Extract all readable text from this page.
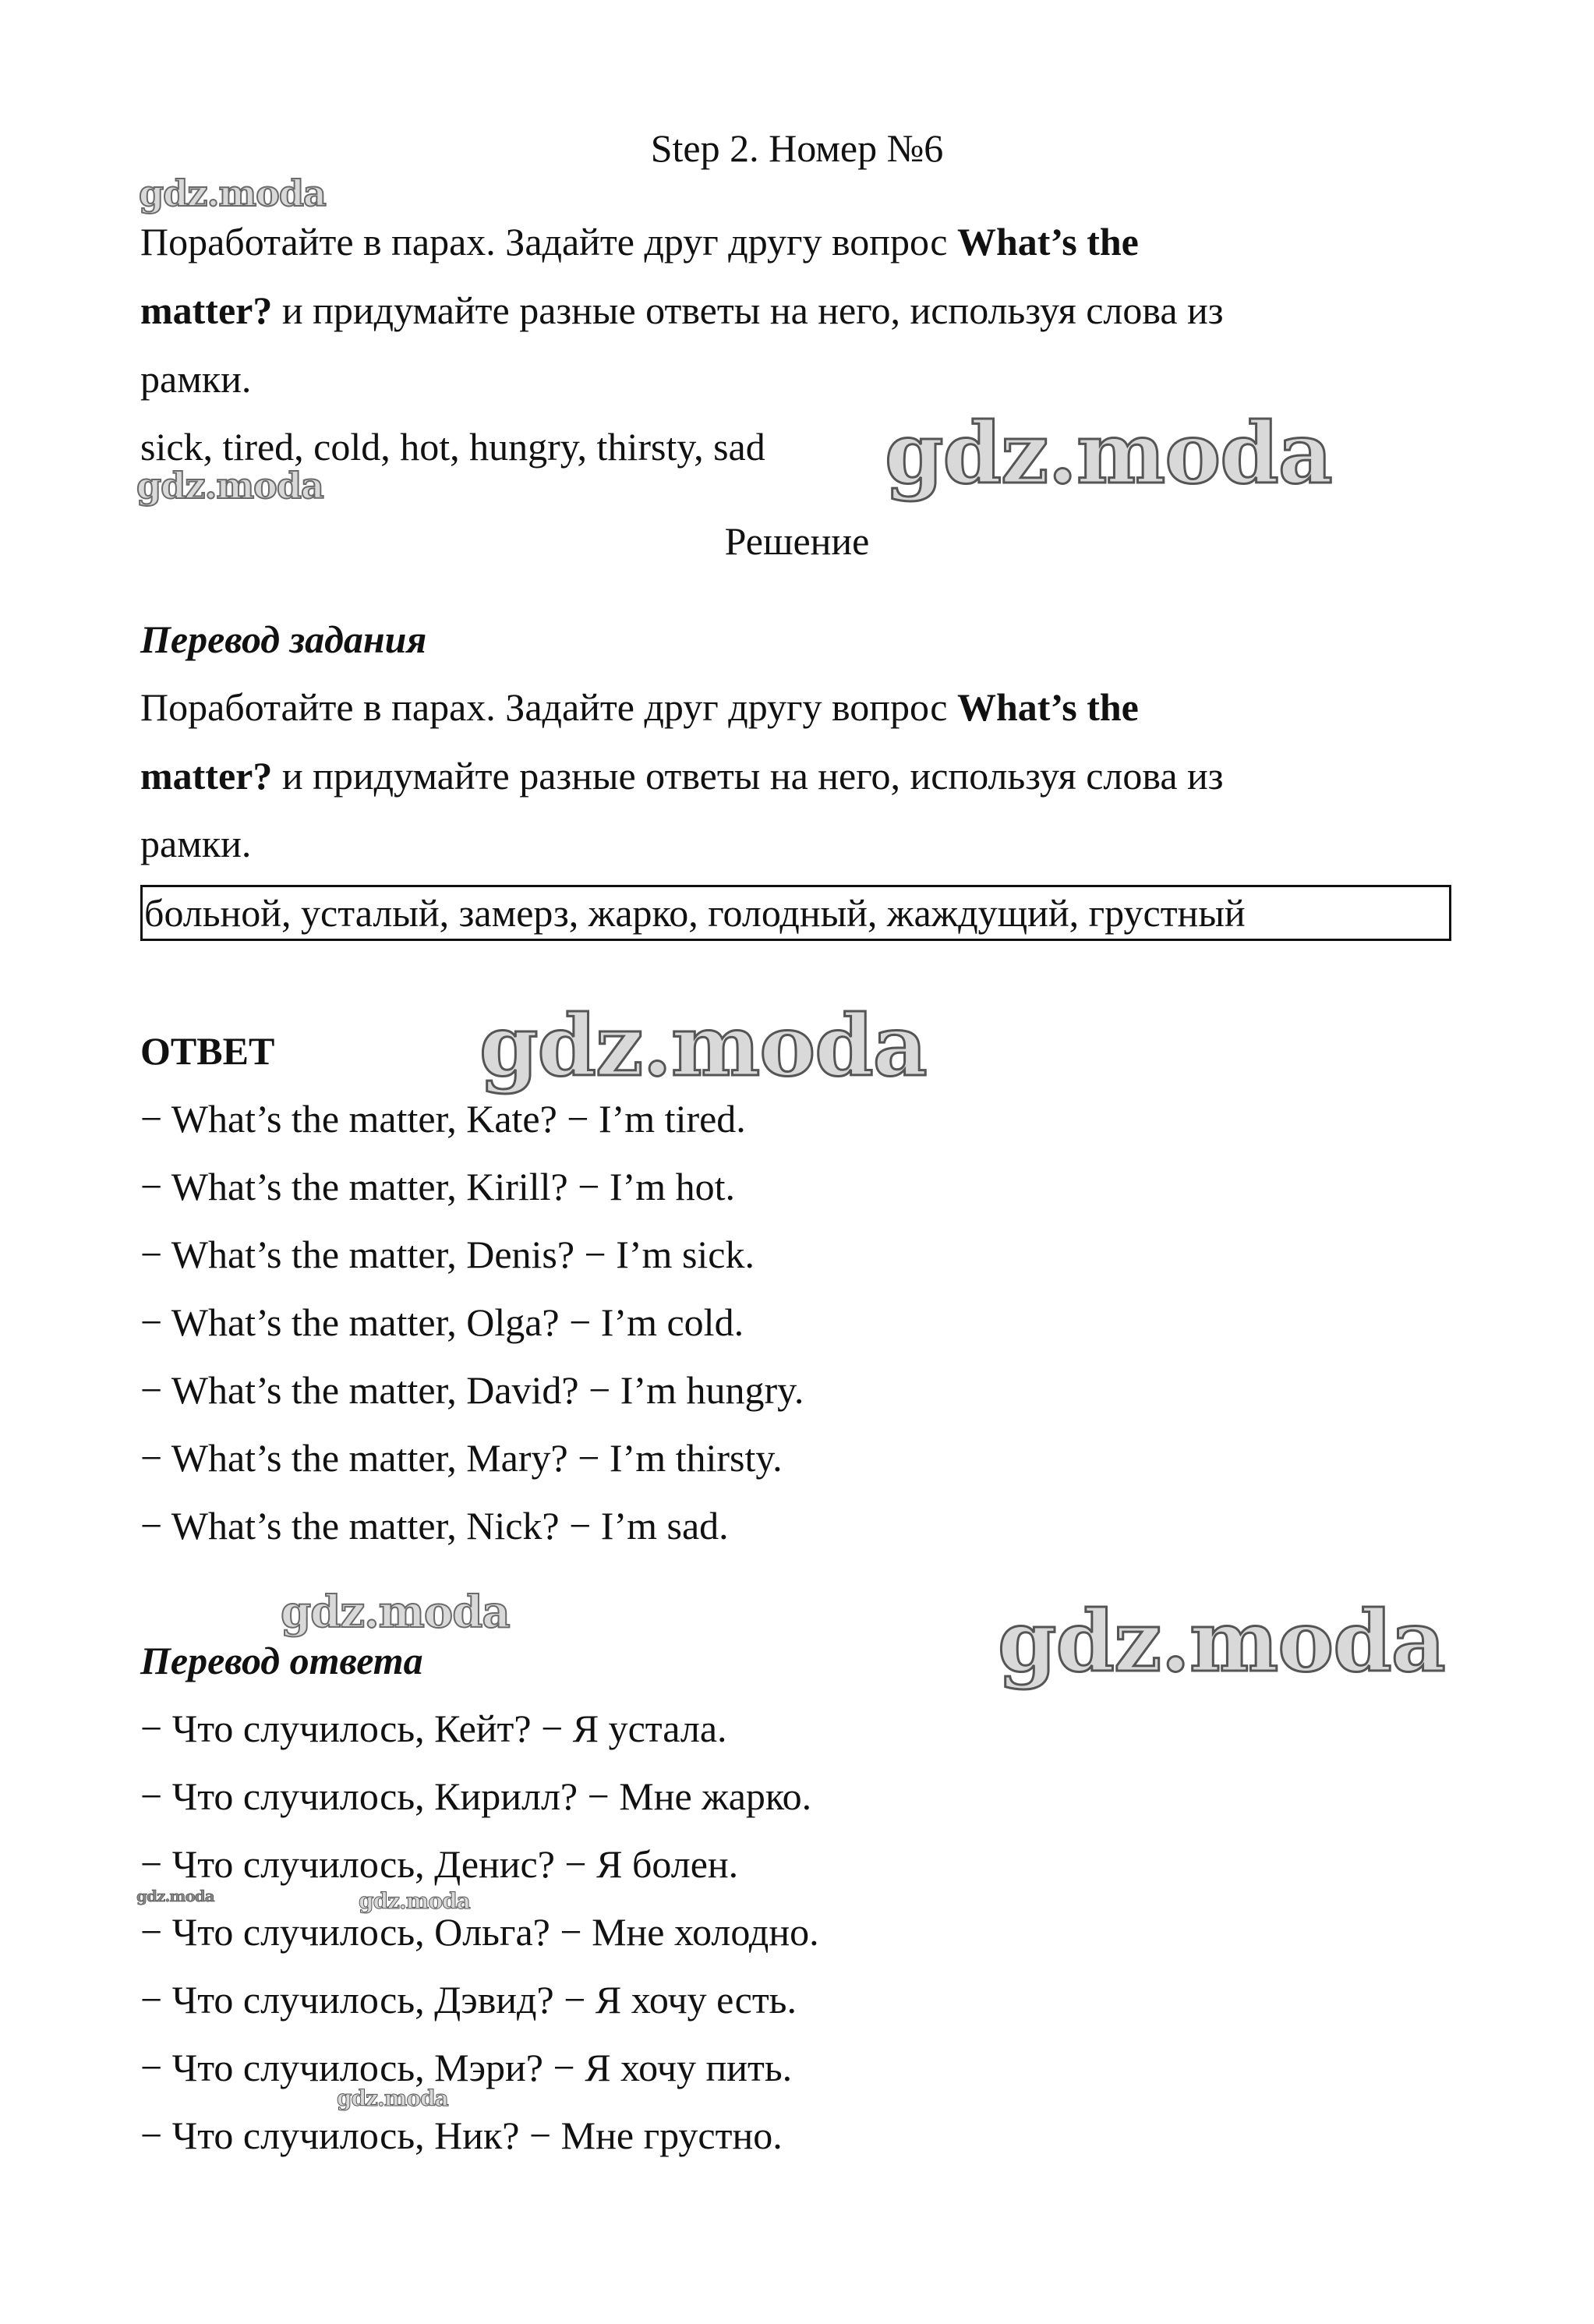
Step 2. Номер №6
gdz.moda
gdz.moda
gdz.moda
gdz.moda
gdz.moda	gdz.moda
gdz.moda	gdz.moda
gdz.moda
Поработайте в парах. Задайте друг другу вопрос What’s the
matter? и придумайте разные ответы на него, используя слова из
рамки.
sick, tired, cold, hot, hungry, thirsty, sad
Решение
Перевод задания
Поработайте в парах. Задайте друг другу вопрос What’s the
matter? и придумайте разные ответы на него, используя слова из
рамки.
больной, усталый, замерз, жарко, голодный, жаждущий, грустный
ОТВЕТ
− What’s the matter, Kate? − I’m tired.
− What’s the matter, Kirill? − I’m hot.
− What’s the matter, Denis? − I’m sick.
− What’s the matter, Olga? − I’m cold.
− What’s the matter, David? − I’m hungry.
− What’s the matter, Mary? − I’m thirsty.
− What’s the matter, Nick? − I’m sad.
Перевод ответа
− Что случилось, Кейт? − Я устала.
− Что случилось, Кирилл? − Мне жарко.
− Что случилось, Денис? − Я болен.
− Что случилось, Ольга? − Мне холодно.
− Что случилось, Дэвид? − Я хочу есть.
− Что случилось, Мэри? − Я хочу пить.
− Что случилось, Ник? − Мне грустно.
